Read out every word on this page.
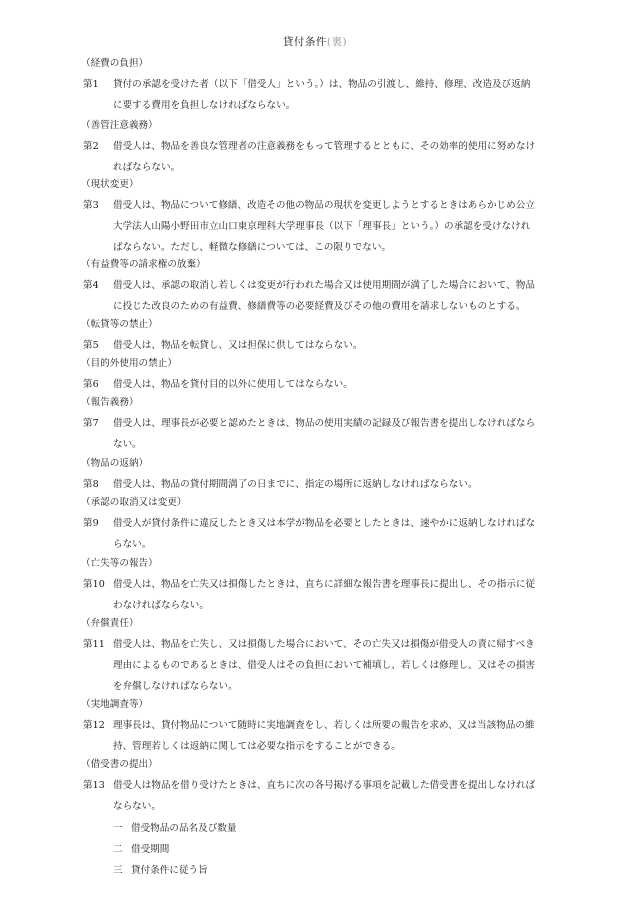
貸付条件(裏)
（経費の負担）
第1 貸付の承認を受けた者（以下「借受人」という。）は、物品の引渡し、維持、修理、改造及び返納
に要する費用を負担しなければならない。
（善管注意義務）
第2 借受人は、物品を善良な管理者の注意義務をもって管理するとともに、その効率的使用に努めなけ
ればならない。
（現状変更）
第3 借受人は、物品について修繕、改造その他の物品の現状を変更しようとするときはあらかじめ公立
大学法人山陽小野田市立山口東京理科大学理事長（以下「理事長」という。）の承認を受けなけれ
ばならない。ただし、軽微な修繕については、この限りでない。
（有益費等の請求権の放棄）
第4 借受人は、承認の取消し若しくは変更が行われた場合又は使用期間が満了した場合において、物品
に投じた改良のための有益費、修繕費等の必要経費及びその他の費用を請求しないものとする。
（転貸等の禁止）
第5 借受人は、物品を転貸し、又は担保に供してはならない。
（目的外使用の禁止）
第6 借受人は、物品を貸付目的以外に使用してはならない。
（報告義務）
第7 借受人は、理事長が必要と認めたときは、物品の使用実績の記録及び報告書を提出しなければなら
ない。
（物品の返納）
第8 借受人は、物品の貸付期間満了の日までに、指定の場所に返納しなければならない。
（承認の取消又は変更）
第9 借受人が貸付条件に違反したとき又は本学が物品を必要としたときは、速やかに返納しなければな
らない。
（亡失等の報告）
第10 借受人は、物品を亡失又は損傷したときは、直ちに詳細な報告書を理事長に提出し、その指示に従
わなければならない。
（弁償責任）
第11 借受人は、物品を亡失し、又は損傷した場合において、その亡失又は損傷が借受人の責に帰すべき
理由によるものであるときは、借受人はその負担において補填し、若しくは修理し、又はその損害
を弁償しなければならない。
（実地調査等）
第12 理事長は、貸付物品について随時に実地調査をし、若しくは所要の報告を求め、又は当該物品の維
持、管理若しくは返納に関しては必要な指示をすることができる。
（借受書の提出）
第13 借受人は物品を借り受けたときは、直ちに次の各号掲げる事項を記載した借受書を提出しなければ
ならない。
一 借受物品の品名及び数量
二 借受期間
三 貸付条件に従う旨
